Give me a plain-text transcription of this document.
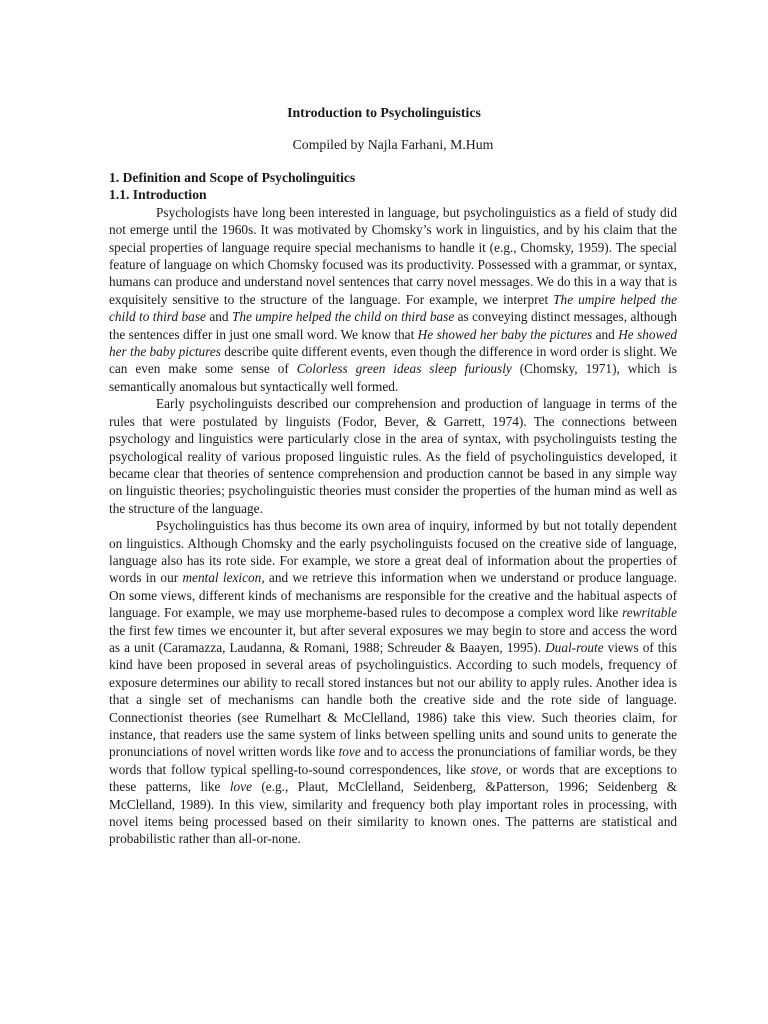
Introduction to Psycholinguistics
Compiled by Najla Farhani, M.Hum
1. Definition and Scope of Psycholinguitics
1.1. Introduction

Psychologists have long been interested in language, but psycholinguistics as a field of study did not emerge until the 1960s. It was motivated by Chomsky’s work in linguistics, and by his claim that the special properties of language require special mechanisms to handle it (e.g., Chomsky, 1959). The special feature of language on which Chomsky focused was its productivity. Possessed with a grammar, or syntax, humans can produce and understand novel sentences that carry novel messages. We do this in a way that is exquisitely sensitive to the structure of the language. For example, we interpret The umpire helped the child to third base and The umpire helped the child on third base as conveying distinct messages, although the sentences differ in just one small word. We know that He showed her baby the pictures and He showed her the baby pictures describe quite different events, even though the difference in word order is slight. We can even make some sense of Colorless green ideas sleep furiously (Chomsky, 1971), which is semantically anomalous but syntactically well formed.

Early psycholinguists described our comprehension and production of language in terms of the rules that were postulated by linguists (Fodor, Bever, & Garrett, 1974). The connections between psychology and linguistics were particularly close in the area of syntax, with psycholinguists testing the psychological reality of various proposed linguistic rules. As the field of psycholinguistics developed, it became clear that theories of sentence comprehension and production cannot be based in any simple way on linguistic theories; psycholinguistic theories must consider the properties of the human mind as well as the structure of the language.

Psycholinguistics has thus become its own area of inquiry, informed by but not totally dependent on linguistics. Although Chomsky and the early psycholinguists focused on the creative side of language, language also has its rote side. For example, we store a great deal of information about the properties of words in our mental lexicon, and we retrieve this information when we understand or produce language. On some views, different kinds of mechanisms are responsible for the creative and the habitual aspects of language. For example, we may use morpheme-based rules to decompose a complex word like rewritable the first few times we encounter it, but after several exposures we may begin to store and access the word as a unit (Caramazza, Laudanna, & Romani, 1988; Schreuder & Baayen, 1995). Dual-route views of this kind have been proposed in several areas of psycholinguistics. According to such models, frequency of exposure determines our ability to recall stored instances but not our ability to apply rules. Another idea is that a single set of mechanisms can handle both the creative side and the rote side of language. Connectionist theories (see Rumelhart & McClelland, 1986) take this view. Such theories claim, for instance, that readers use the same system of links between spelling units and sound units to generate the pronunciations of novel written words like tove and to access the pronunciations of familiar words, be they words that follow typical spelling-to-sound correspondences, like stove, or words that are exceptions to these patterns, like love (e.g., Plaut, McClelland, Seidenberg, &Patterson, 1996; Seidenberg & McClelland, 1989). In this view, similarity and frequency both play important roles in processing, with novel items being processed based on their similarity to known ones. The patterns are statistical and probabilistic rather than all-or-none.
